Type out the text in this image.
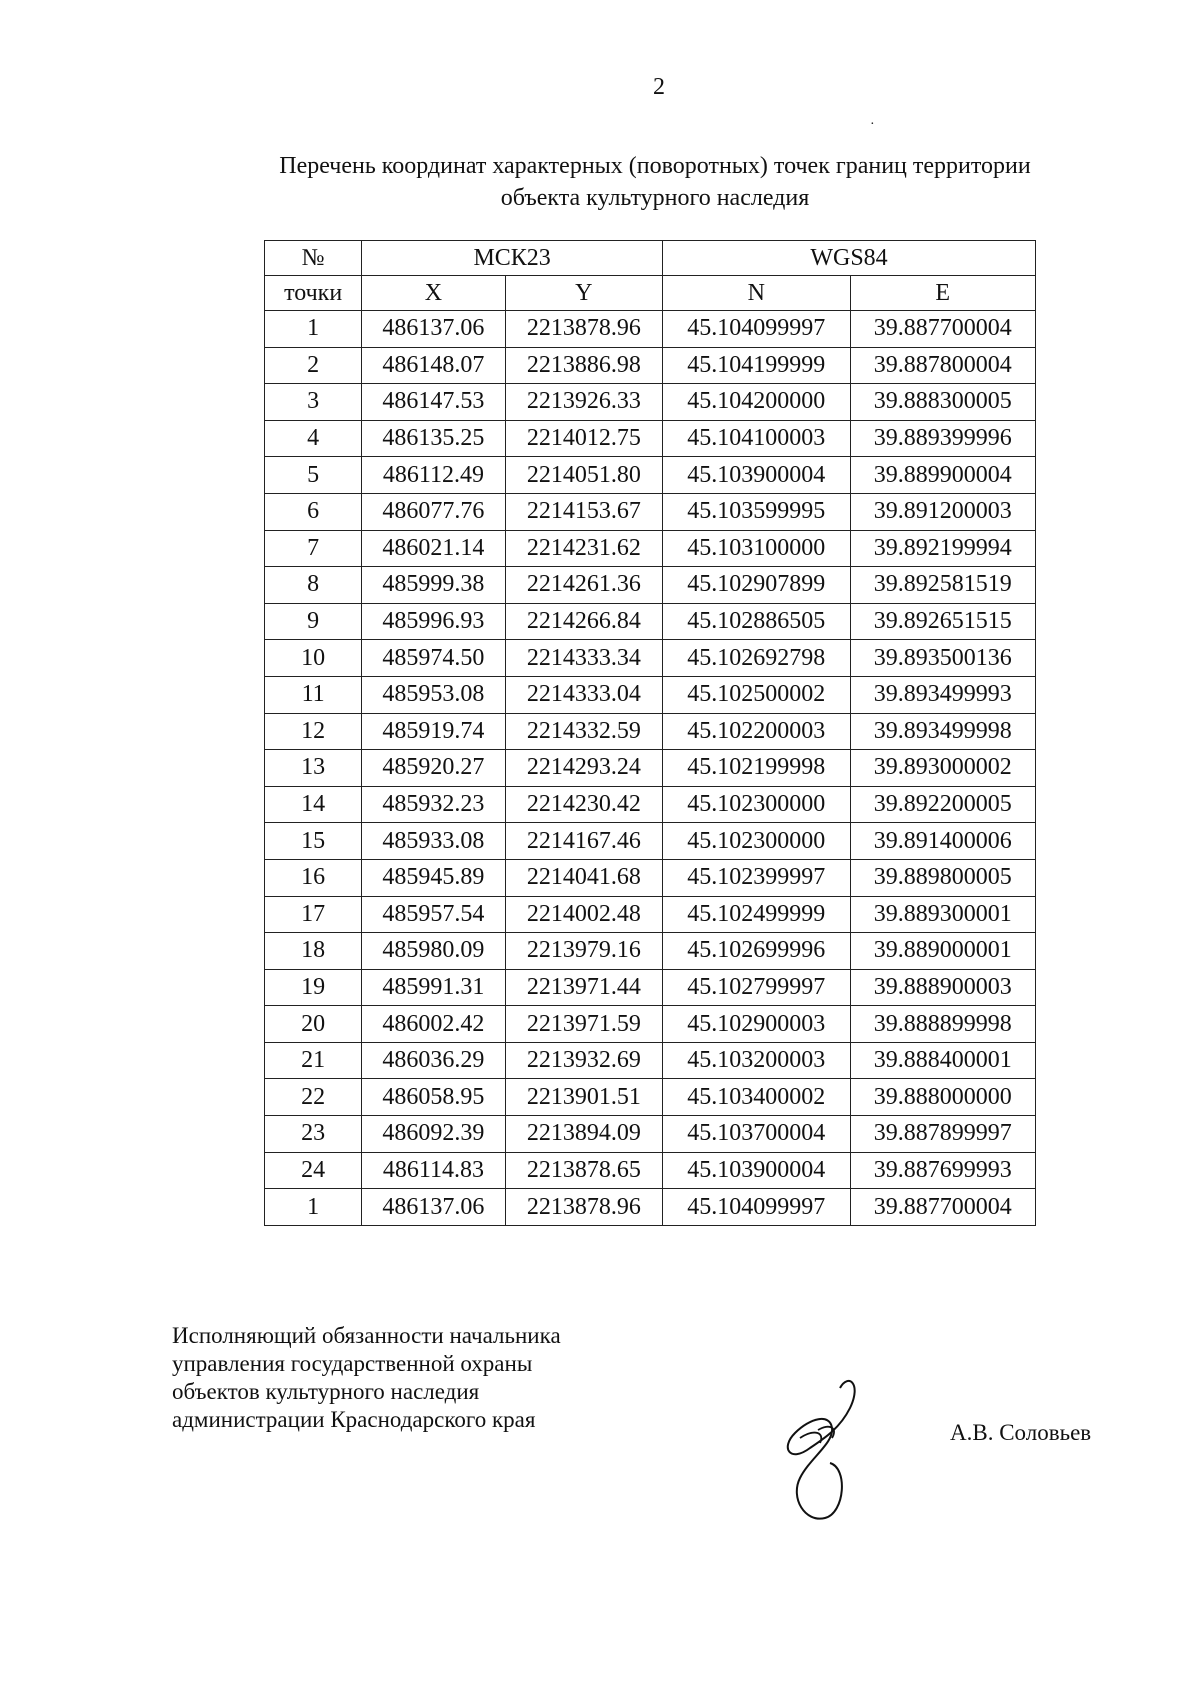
2
·
Перечень координат характерных (поворотных) точек границ территории
объекта культурного наследия
№	МСК23		WGS84	
точки	X	Y	N	E
1	486137.06	2213878.96	45.104099997	39.887700004
2	486148.07	2213886.98	45.104199999	39.887800004
3	486147.53	2213926.33	45.104200000	39.888300005
4	486135.25	2214012.75	45.104100003	39.889399996
5	486112.49	2214051.80	45.103900004	39.889900004
6	486077.76	2214153.67	45.103599995	39.891200003
7	486021.14	2214231.62	45.103100000	39.892199994
8	485999.38	2214261.36	45.102907899	39.892581519
9	485996.93	2214266.84	45.102886505	39.892651515
10	485974.50	2214333.34	45.102692798	39.893500136
11	485953.08	2214333.04	45.102500002	39.893499993
12	485919.74	2214332.59	45.102200003	39.893499998
13	485920.27	2214293.24	45.102199998	39.893000002
14	485932.23	2214230.42	45.102300000	39.892200005
15	485933.08	2214167.46	45.102300000	39.891400006
16	485945.89	2214041.68	45.102399997	39.889800005
17	485957.54	2214002.48	45.102499999	39.889300001
18	485980.09	2213979.16	45.102699996	39.889000001
19	485991.31	2213971.44	45.102799997	39.888900003
20	486002.42	2213971.59	45.102900003	39.888899998
21	486036.29	2213932.69	45.103200003	39.888400001
22	486058.95	2213901.51	45.103400002	39.888000000
23	486092.39	2213894.09	45.103700004	39.887899997
24	486114.83	2213878.65	45.103900004	39.887699993
1	486137.06	2213878.96	45.104099997	39.887700004
Исполняющий обязанности начальника
управления государственной охраны
объектов культурного наследия
администрации Краснодарского края
А.В. Соловьев
